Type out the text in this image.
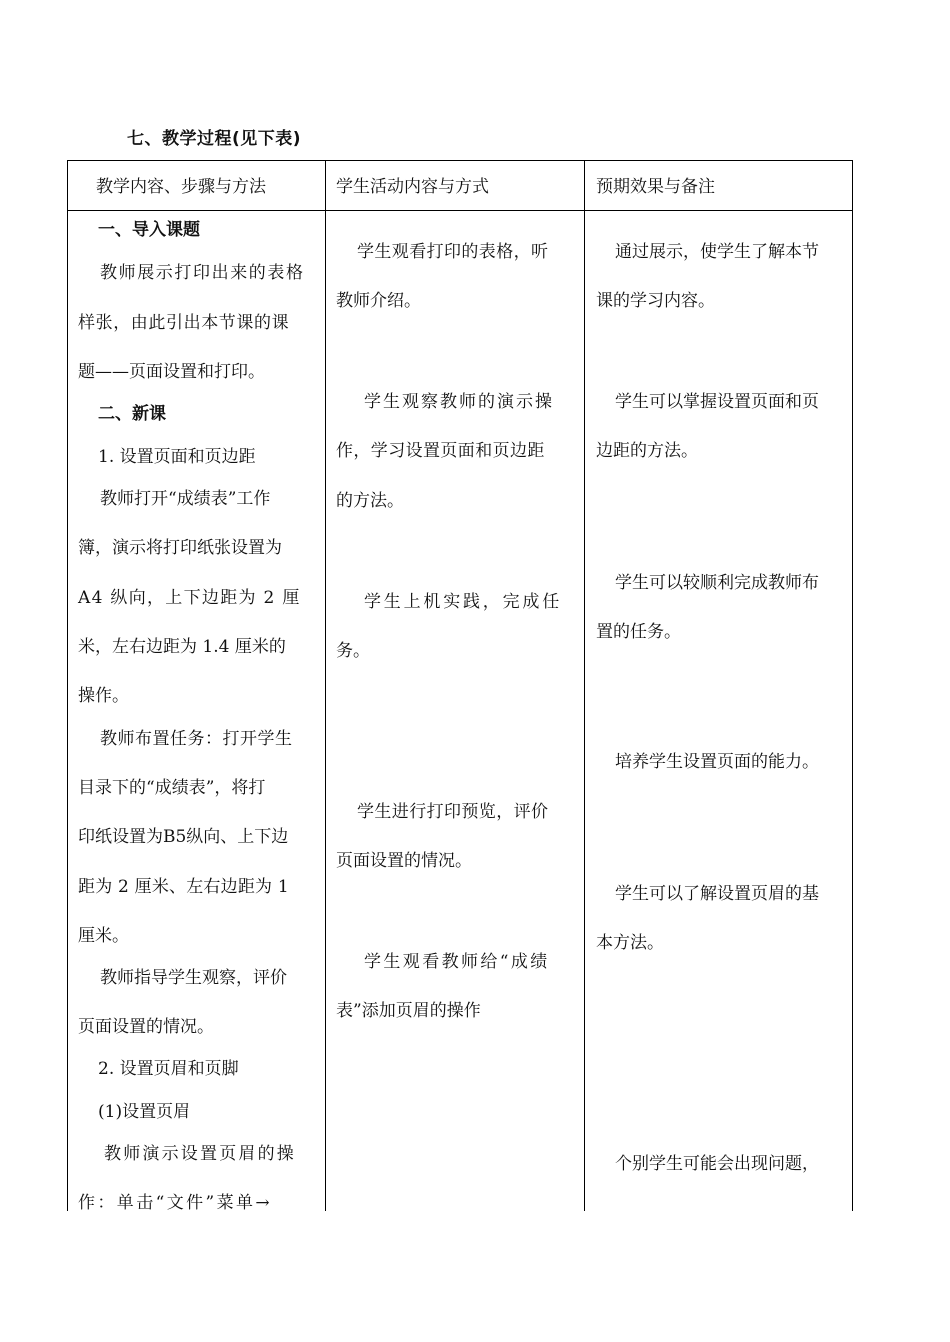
七、教学过程(见下表)
教学内容、步骤与方法	学生活动内容与方式	预期效果与备注
一、导入课题
教师展示打印出来的表格
样张，由此引出本节课的课
题——页面设置和打印。
二、新课
1. 设置页面和页边距
教师打开“成绩表”工作
簿，演示将打印纸张设置为
A4 纵向，上下边距为 2 厘
米，左右边距为 1.4 厘米的
操作。
教师布置任务：打开学生
目录下的“成绩表”，将打
印纸设置为B5纵向、上下边
距为 2 厘米、左右边距为 1
厘米。
教师指导学生观察，评价
页面设置的情况。
2. 设置页眉和页脚
(1)设置页眉
教师演示设置页眉的操
作：单击“文件”菜单→
学生观看打印的表格，听
教师介绍。
学生观察教师的演示操
作，学习设置页面和页边距
的方法。
学生上机实践，完成任
务。
学生进行打印预览，评价
页面设置的情况。
学生观看教师给“成绩
表”添加页眉的操作
通过展示，使学生了解本节
课的学习内容。
学生可以掌握设置页面和页
边距的方法。
学生可以较顺利完成教师布
置的任务。
培养学生设置页面的能力。
学生可以了解设置页眉的基
本方法。
个别学生可能会出现问题，
